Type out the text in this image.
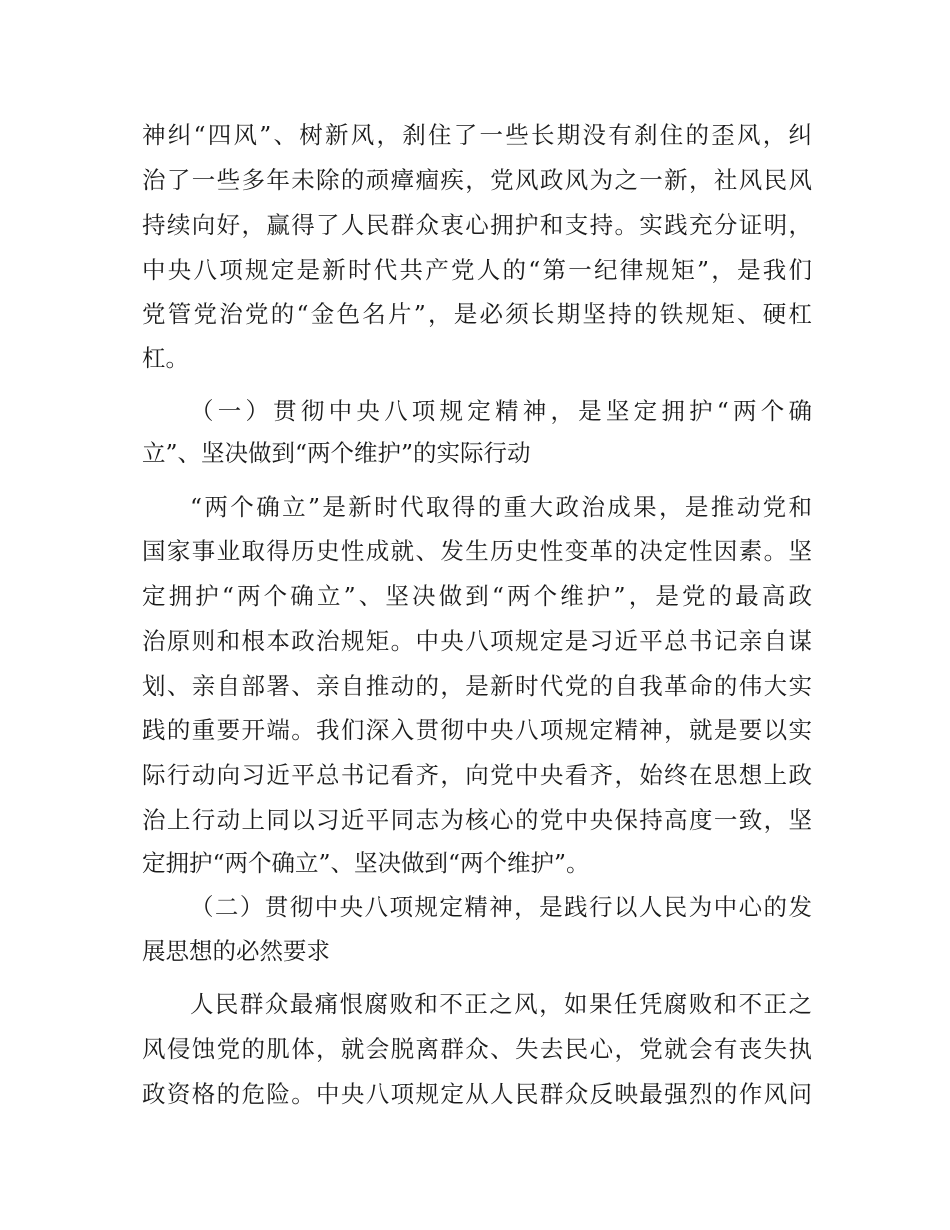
神纠“四风”、树新风，刹住了一些长期没有刹住的歪风，纠
治了一些多年未除的顽瘴痼疾，党风政风为之一新，社风民风
持续向好，赢得了人民群众衷心拥护和支持。实践充分证明，
中央八项规定是新时代共产党人的“第一纪律规矩”，是我们
党管党治党的“金色名片”，是必须长期坚持的铁规矩、硬杠
杠。
（一）贯彻中央八项规定精神，是坚定拥护“两个确
立”、坚决做到“两个维护”的实际行动
“两个确立”是新时代取得的重大政治成果，是推动党和
国家事业取得历史性成就、发生历史性变革的决定性因素。坚
定拥护“两个确立”、坚决做到“两个维护”，是党的最高政
治原则和根本政治规矩。中央八项规定是习近平总书记亲自谋
划、亲自部署、亲自推动的，是新时代党的自我革命的伟大实
践的重要开端。我们深入贯彻中央八项规定精神，就是要以实
际行动向习近平总书记看齐，向党中央看齐，始终在思想上政
治上行动上同以习近平同志为核心的党中央保持高度一致，坚
定拥护“两个确立”、坚决做到“两个维护”。
（二）贯彻中央八项规定精神，是践行以人民为中心的发
展思想的必然要求
人民群众最痛恨腐败和不正之风，如果任凭腐败和不正之
风侵蚀党的肌体，就会脱离群众、失去民心，党就会有丧失执
政资格的危险。中央八项规定从人民群众反映最强烈的作风问
